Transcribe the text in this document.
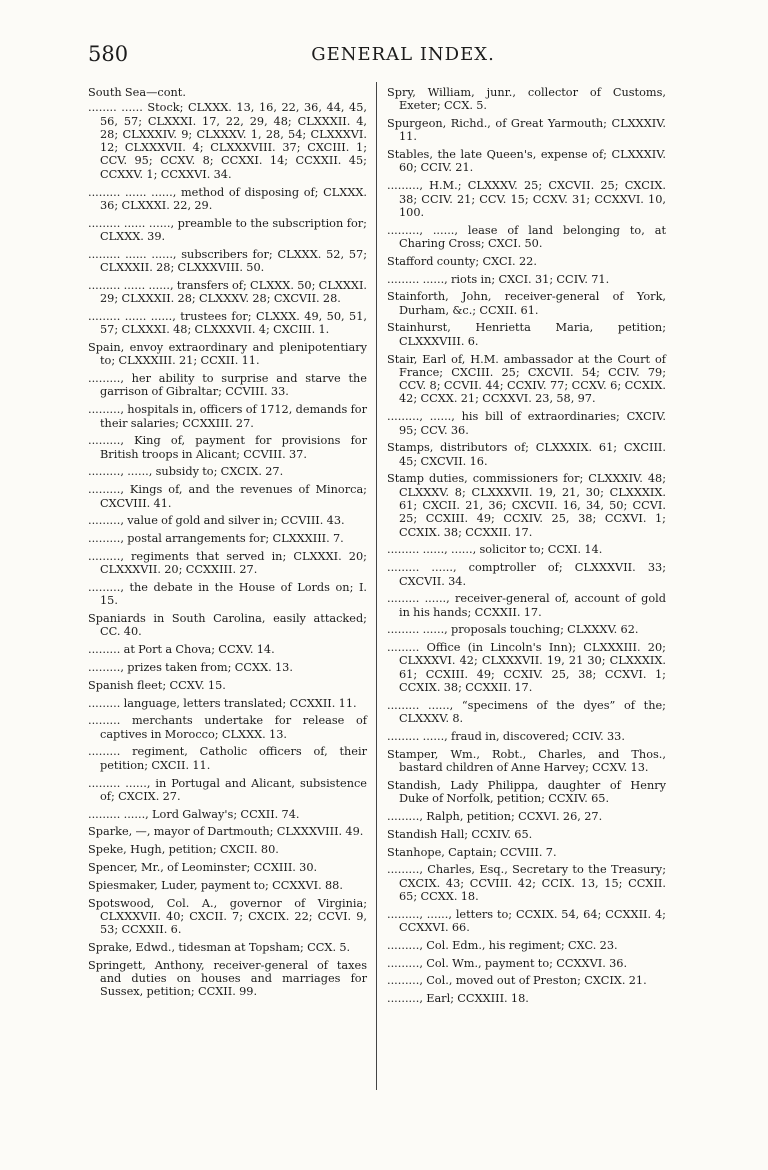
580	GENERAL INDEX.

South Sea—cont.

........ ...... Stock; CLXXX. 13, 16, 22, 36, 44, 45, 56, 57; CLXXXI. 17, 22, 29, 48; CLXXXII. 4, 28; CLXXXIV. 9; CLXXXV. 1, 28, 54; CLXXXVI. 12; CLXXXVII. 4; CLXXXVIII. 37; CXCIII. 1; CCV. 95; CCXV. 8; CCXXI. 14; CCXXII. 45; CCXXV. 1; CCXXVI. 34.

......... ...... ......, method of disposing of; CLXXX. 36; CLXXXI. 22, 29.

......... ...... ......, preamble to the subscription for; CLXXX. 39.

......... ...... ......, subscribers for; CLXXX. 52, 57; CLXXXII. 28; CLXXXVIII. 50.

......... ...... ......, transfers of; CLXXX. 50; CLXXXI. 29; CLXXXII. 28; CLXXXV. 28; CXCVII. 28.

......... ...... ......, trustees for; CLXXX. 49, 50, 51, 57; CLXXXI. 48; CLXXXVII. 4; CXCIII. 1.

Spain, envoy extraordinary and plenipotentiary to; CLXXXIII. 21; CCXII. 11.

........., her ability to surprise and starve the garrison of Gibraltar; CCVIII. 33.

........., hospitals in, officers of 1712, demands for their salaries; CCXXIII. 27.

........., King of, payment for provisions for British troops in Alicant; CCVIII. 37.

........., ......, subsidy to; CXCIX. 27.

........., Kings of, and the revenues of Minorca; CXCVIII. 41.

........., value of gold and silver in; CCVIII. 43.

........., postal arrangements for; CLXXXIII. 7.

........., regiments that served in; CLXXXI. 20; CLXXXVII. 20; CCXXIII. 27.

........., the debate in the House of Lords on; I. 15.

Spaniards in South Carolina, easily attacked; CC. 40.

......... at Port a Chova; CCXV. 14.

........., prizes taken from; CCXX. 13.

Spanish fleet; CCXV. 15.

......... language, letters translated; CCXXII. 11.

......... merchants undertake for release of captives in Morocco; CLXXX. 13.

......... regiment, Catholic officers of, their petition; CXCII. 11.

......... ......, in Portugal and Alicant, subsistence of; CXCIX. 27.

......... ......, Lord Galway's; CCXII. 74.

Sparke, —, mayor of Dartmouth; CLXXXVIII. 49.

Speke, Hugh, petition; CXCII. 80.

Spencer, Mr., of Leominster; CCXIII. 30.

Spiesmaker, Luder, payment to; CCXXVI. 88.

Spotswood, Col. A., governor of Virginia; CLXXXVII. 40; CXCII. 7; CXCIX. 22; CCVI. 9, 53; CCXXII. 6.

Sprake, Edwd., tidesman at Topsham; CCX. 5.

Springett, Anthony, receiver-general of taxes and duties on houses and marriages for Sussex, petition; CCXII. 99.

Spry, William, junr., collector of Customs, Exeter; CCX. 5.

Spurgeon, Richd., of Great Yarmouth; CLXXXIV. 11.

Stables, the late Queen's, expense of; CLXXXIV. 60; CCIV. 21.

........., H.M.; CLXXXV. 25; CXCVII. 25; CXCIX. 38; CCIV. 21; CCV. 15; CCXV. 31; CCXXVI. 10, 100.

........., ......, lease of land belonging to, at Charing Cross; CXCI. 50.

Stafford county; CXCI. 22.

......... ......, riots in; CXCI. 31; CCIV. 71.

Stainforth, John, receiver-general of York, Durham, &c.; CCXII. 61.

Stainhurst, Henrietta Maria, petition; CLXXXVIII. 6.

Stair, Earl of, H.M. ambassador at the Court of France; CXCIII. 25; CXCVII. 54; CCIV. 79; CCV. 8; CCVII. 44; CCXIV. 77; CCXV. 6; CCXIX. 42; CCXX. 21; CCXXVI. 23, 58, 97.

........., ......, his bill of extraordinaries; CXCIV. 95; CCV. 36.

Stamps, distributors of; CLXXXIX. 61; CXCIII. 45; CXCVII. 16.

Stamp duties, commissioners for; CLXXXIV. 48; CLXXXV. 8; CLXXXVII. 19, 21, 30; CLXXXIX. 61; CXCII. 21, 36; CXCVII. 16, 34, 50; CCVI. 25; CCXIII. 49; CCXIV. 25, 38; CCXVI. 1; CCXIX. 38; CCXXII. 17.

......... ......, ......, solicitor to; CCXI. 14.

......... ......, comptroller of; CLXXXVII. 33; CXCVII. 34.

......... ......, receiver-general of, account of gold in his hands; CCXXII. 17.

......... ......, proposals touching; CLXXXV. 62.

......... Office (in Lincoln's Inn); CLXXXIII. 20; CLXXXVI. 42; CLXXXVII. 19, 21 30; CLXXXIX. 61; CCXIII. 49; CCXIV. 25, 38; CCXVI. 1; CCXIX. 38; CCXXII. 17.

......... ......, “specimens of the dyes” of the; CLXXXV. 8.

......... ......, fraud in, discovered; CCIV. 33.

Stamper, Wm., Robt., Charles, and Thos., bastard children of Anne Harvey; CCXV. 13.

Standish, Lady Philippa, daughter of Henry Duke of Norfolk, petition; CCXIV. 65.

........., Ralph, petition; CCXVI. 26, 27.

Standish Hall; CCXIV. 65.

Stanhope, Captain; CCVIII. 7.

........., Charles, Esq., Secretary to the Treasury; CXCIX. 43; CCVIII. 42; CCIX. 13, 15; CCXII. 65; CCXX. 18.

........., ......, letters to; CCXIX. 54, 64; CCXXII. 4; CCXXVI. 66.

........., Col. Edm., his regiment; CXC. 23.

........., Col. Wm., payment to; CCXXVI. 36.

........., Col., moved out of Preston; CXCIX. 21.

........., Earl; CCXXIII. 18.
